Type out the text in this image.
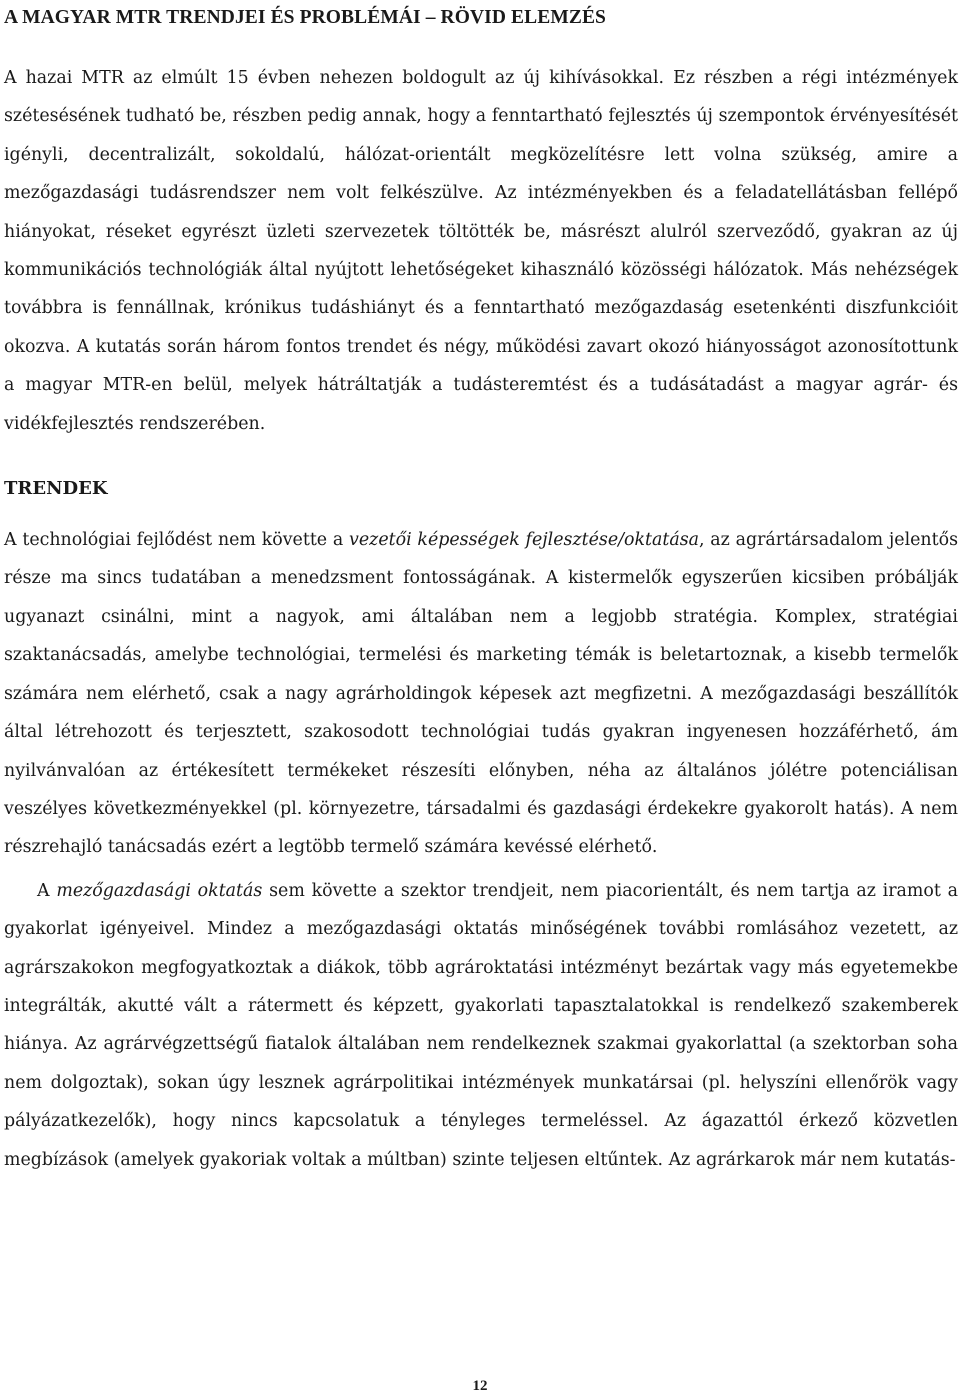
A MAGYAR MTR TRENDJEI ÉS PROBLÉMÁI – RÖVID ELEMZÉS

A hazai MTR az elmúlt 15 évben nehezen boldogult az új kihívásokkal. Ez részben a régi intézmények szétesésének tudható be, részben pedig annak, hogy a fenntartható fejlesztés új szempontok érvényesítését igényli, decentralizált, sokoldalú, hálózat-orientált megközelítésre lett volna szükség, amire a mezőgazdasági tudásrendszer nem volt felkészülve. Az intézményekben és a feladatellátásban fellépő hiányokat, réseket egyrészt üzleti szervezetek töltötték be, másrészt alulról szerveződő, gyakran az új kommunikációs technológiák által nyújtott lehetőségeket kihasználó közösségi hálózatok. Más nehézségek továbbra is fennállnak, krónikus tudáshiányt és a fenntartható mezőgazdaság esetenkénti diszfunkcióit okozva. A kutatás során három fontos trendet és négy, működési zavart okozó hiányosságot azonosítottunk a magyar MTR-en belül, melyek hátráltatják a tudásteremtést és a tudásátadást a magyar agrár- és vidékfejlesztés rendszerében.

TRENDEK

A technológiai fejlődést nem követte a vezetői képességek fejlesztése/oktatása, az agrártársadalom jelentős része ma sincs tudatában a menedzsment fontosságának. A kistermelők egyszerűen kicsiben próbálják ugyanazt csinálni, mint a nagyok, ami általában nem a legjobb stratégia. Komplex, stratégiai szaktanácsadás, amelybe technológiai, termelési és marketing témák is beletartoznak, a kisebb termelők számára nem elérhető, csak a nagy agrárholdingok képesek azt megfizetni. A mezőgazdasági beszállítók által létrehozott és terjesztett, szakosodott technológiai tudás gyakran ingyenesen hozzáférhető, ám nyilvánvalóan az értékesített termékeket részesíti előnyben, néha az általános jólétre potenciálisan veszélyes következményekkel (pl. környezetre, társadalmi és gazdasági érdekekre gyakorolt hatás). A nem részrehajló tanácsadás ezért a legtöbb termelő számára kevéssé elérhető.

A mezőgazdasági oktatás sem követte a szektor trendjeit, nem piacorientált, és nem tartja az iramot a gyakorlat igényeivel. Mindez a mezőgazdasági oktatás minőségének további romlásához vezetett, az agrárszakokon megfogyatkoztak a diákok, több agrároktatási intézményt bezártak vagy más egyetemekbe integrálták, akutté vált a rátermett és képzett, gyakorlati tapasztalatokkal is rendelkező szakemberek hiánya. Az agrárvégzettségű fiatalok általában nem rendelkeznek szakmai gyakorlattal (a szektorban soha nem dolgoztak), sokan úgy lesznek agrárpolitikai intézmények munkatársai (pl. helyszíni ellenőrök vagy pályázatkezelők), hogy nincs kapcsolatuk a tényleges termeléssel. Az ágazattól érkező közvetlen megbízások (amelyek gyakoriak voltak a múltban) szinte teljesen eltűntek. Az agrárkarok már nem kutatás-

12
